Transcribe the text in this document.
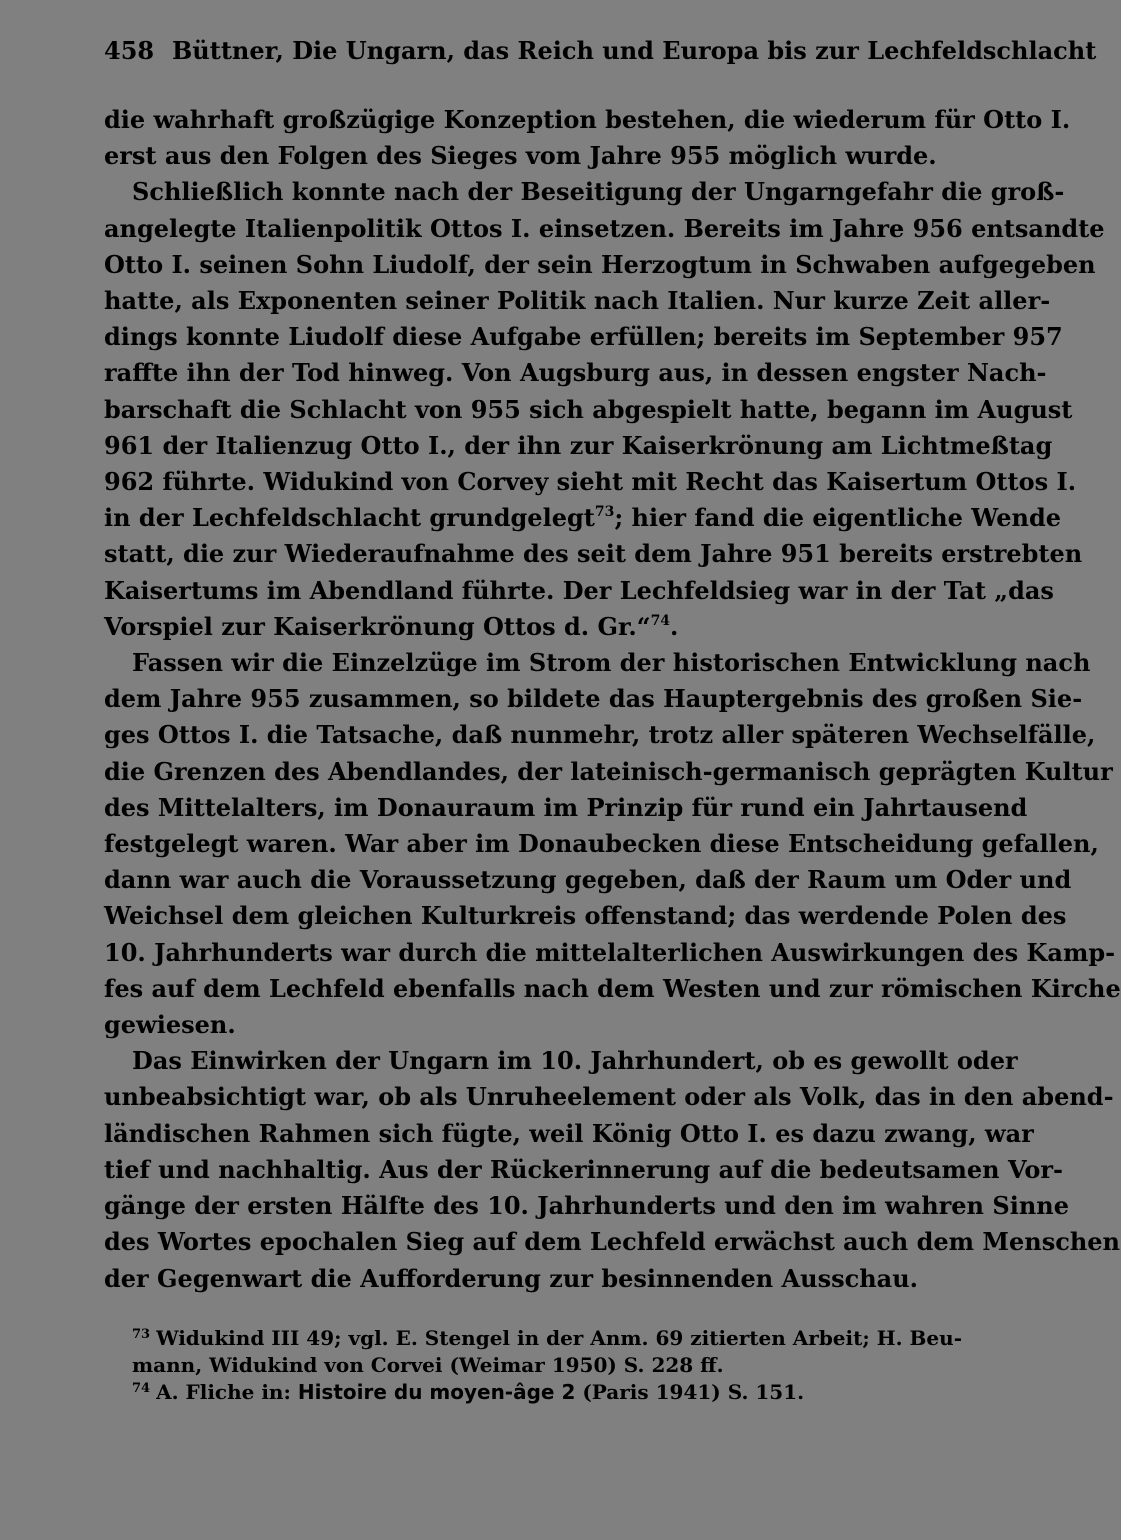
458 Büttner, Die Ungarn, das Reich und Europa bis zur Lechfeldschlacht
die wahrhaft großzügige Konzeption bestehen, die wiederum für Otto I.
erst aus den Folgen des Sieges vom Jahre 955 möglich wurde.
Schließlich konnte nach der Beseitigung der Ungarngefahr die groß-
angelegte Italienpolitik Ottos I. einsetzen. Bereits im Jahre 956 entsandte
Otto I. seinen Sohn Liudolf, der sein Herzogtum in Schwaben aufgegeben
hatte, als Exponenten seiner Politik nach Italien. Nur kurze Zeit aller-
dings konnte Liudolf diese Aufgabe erfüllen; bereits im September 957
raffte ihn der Tod hinweg. Von Augsburg aus, in dessen engster Nach-
barschaft die Schlacht von 955 sich abgespielt hatte, begann im August
961 der Italienzug Otto I., der ihn zur Kaiserkrönung am Lichtmeßtag
962 führte. Widukind von Corvey sieht mit Recht das Kaisertum Ottos I.
in der Lechfeldschlacht grundgelegt$^{73}$; hier fand die eigentliche Wende
statt, die zur Wiederaufnahme des seit dem Jahre 951 bereits erstrebten
Kaisertums im Abendland führte. Der Lechfeldsieg war in der Tat „das
Vorspiel zur Kaiserkrönung Ottos d. Gr.“$^{74}$.
Fassen wir die Einzelzüge im Strom der historischen Entwicklung nach
dem Jahre 955 zusammen, so bildete das Hauptergebnis des großen Sie-
ges Ottos I. die Tatsache, daß nunmehr, trotz aller späteren Wechselfälle,
die Grenzen des Abendlandes, der lateinisch-germanisch geprägten Kultur
des Mittelalters, im Donauraum im Prinzip für rund ein Jahrtausend
festgelegt waren. War aber im Donaubecken diese Entscheidung gefallen,
dann war auch die Voraussetzung gegeben, daß der Raum um Oder und
Weichsel dem gleichen Kulturkreis offenstand; das werdende Polen des
10. Jahrhunderts war durch die mittelalterlichen Auswirkungen des Kamp-
fes auf dem Lechfeld ebenfalls nach dem Westen und zur römischen Kirche
gewiesen.
Das Einwirken der Ungarn im 10. Jahrhundert, ob es gewollt oder
unbeabsichtigt war, ob als Unruheelement oder als Volk, das in den abend-
ländischen Rahmen sich fügte, weil König Otto I. es dazu zwang, war
tief und nachhaltig. Aus der Rückerinnerung auf die bedeutsamen Vor-
gänge der ersten Hälfte des 10. Jahrhunderts und den im wahren Sinne
des Wortes epochalen Sieg auf dem Lechfeld erwächst auch dem Menschen
der Gegenwart die Aufforderung zur besinnenden Ausschau.
$^{73}$ Widukind III 49; vgl. E. Stengel in der Anm. 69 zitierten Arbeit; H. Beu-
mann, Widukind von Corvei (Weimar 1950) S. 228 ff.
$^{74}$ A. Fliche in: Histoire du moyen-âge 2 (Paris 1941) S. 151.
